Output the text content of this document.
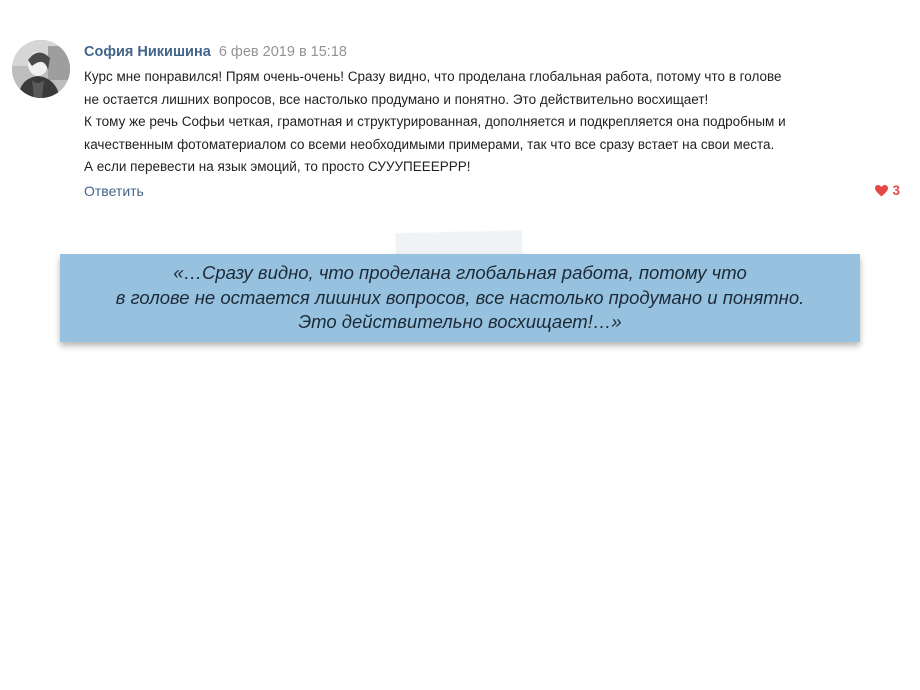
София Никишина 6 фев 2019 в 15:18

Курс мне понравился! Прям очень-очень! Сразу видно, что проделана глобальная работа, потому что в голове

не остается лишних вопросов, все настолько продумано и понятно. Это действительно восхищает!

К тому же речь Софьи четкая, грамотная и структурированная, дополняется и подкрепляется она подробным и

качественным фотоматериалом со всеми необходимыми примерами, так что все сразу встает на свои места.

А если перевести на язык эмоций, то просто СУУУПЕЕЕРРР!

Ответить	3
«…Сразу видно, что проделана глобальная работа, потому что
в голове не остается лишних вопросов, все настолько продумано и понятно.
Это действительно восхищает!…»
